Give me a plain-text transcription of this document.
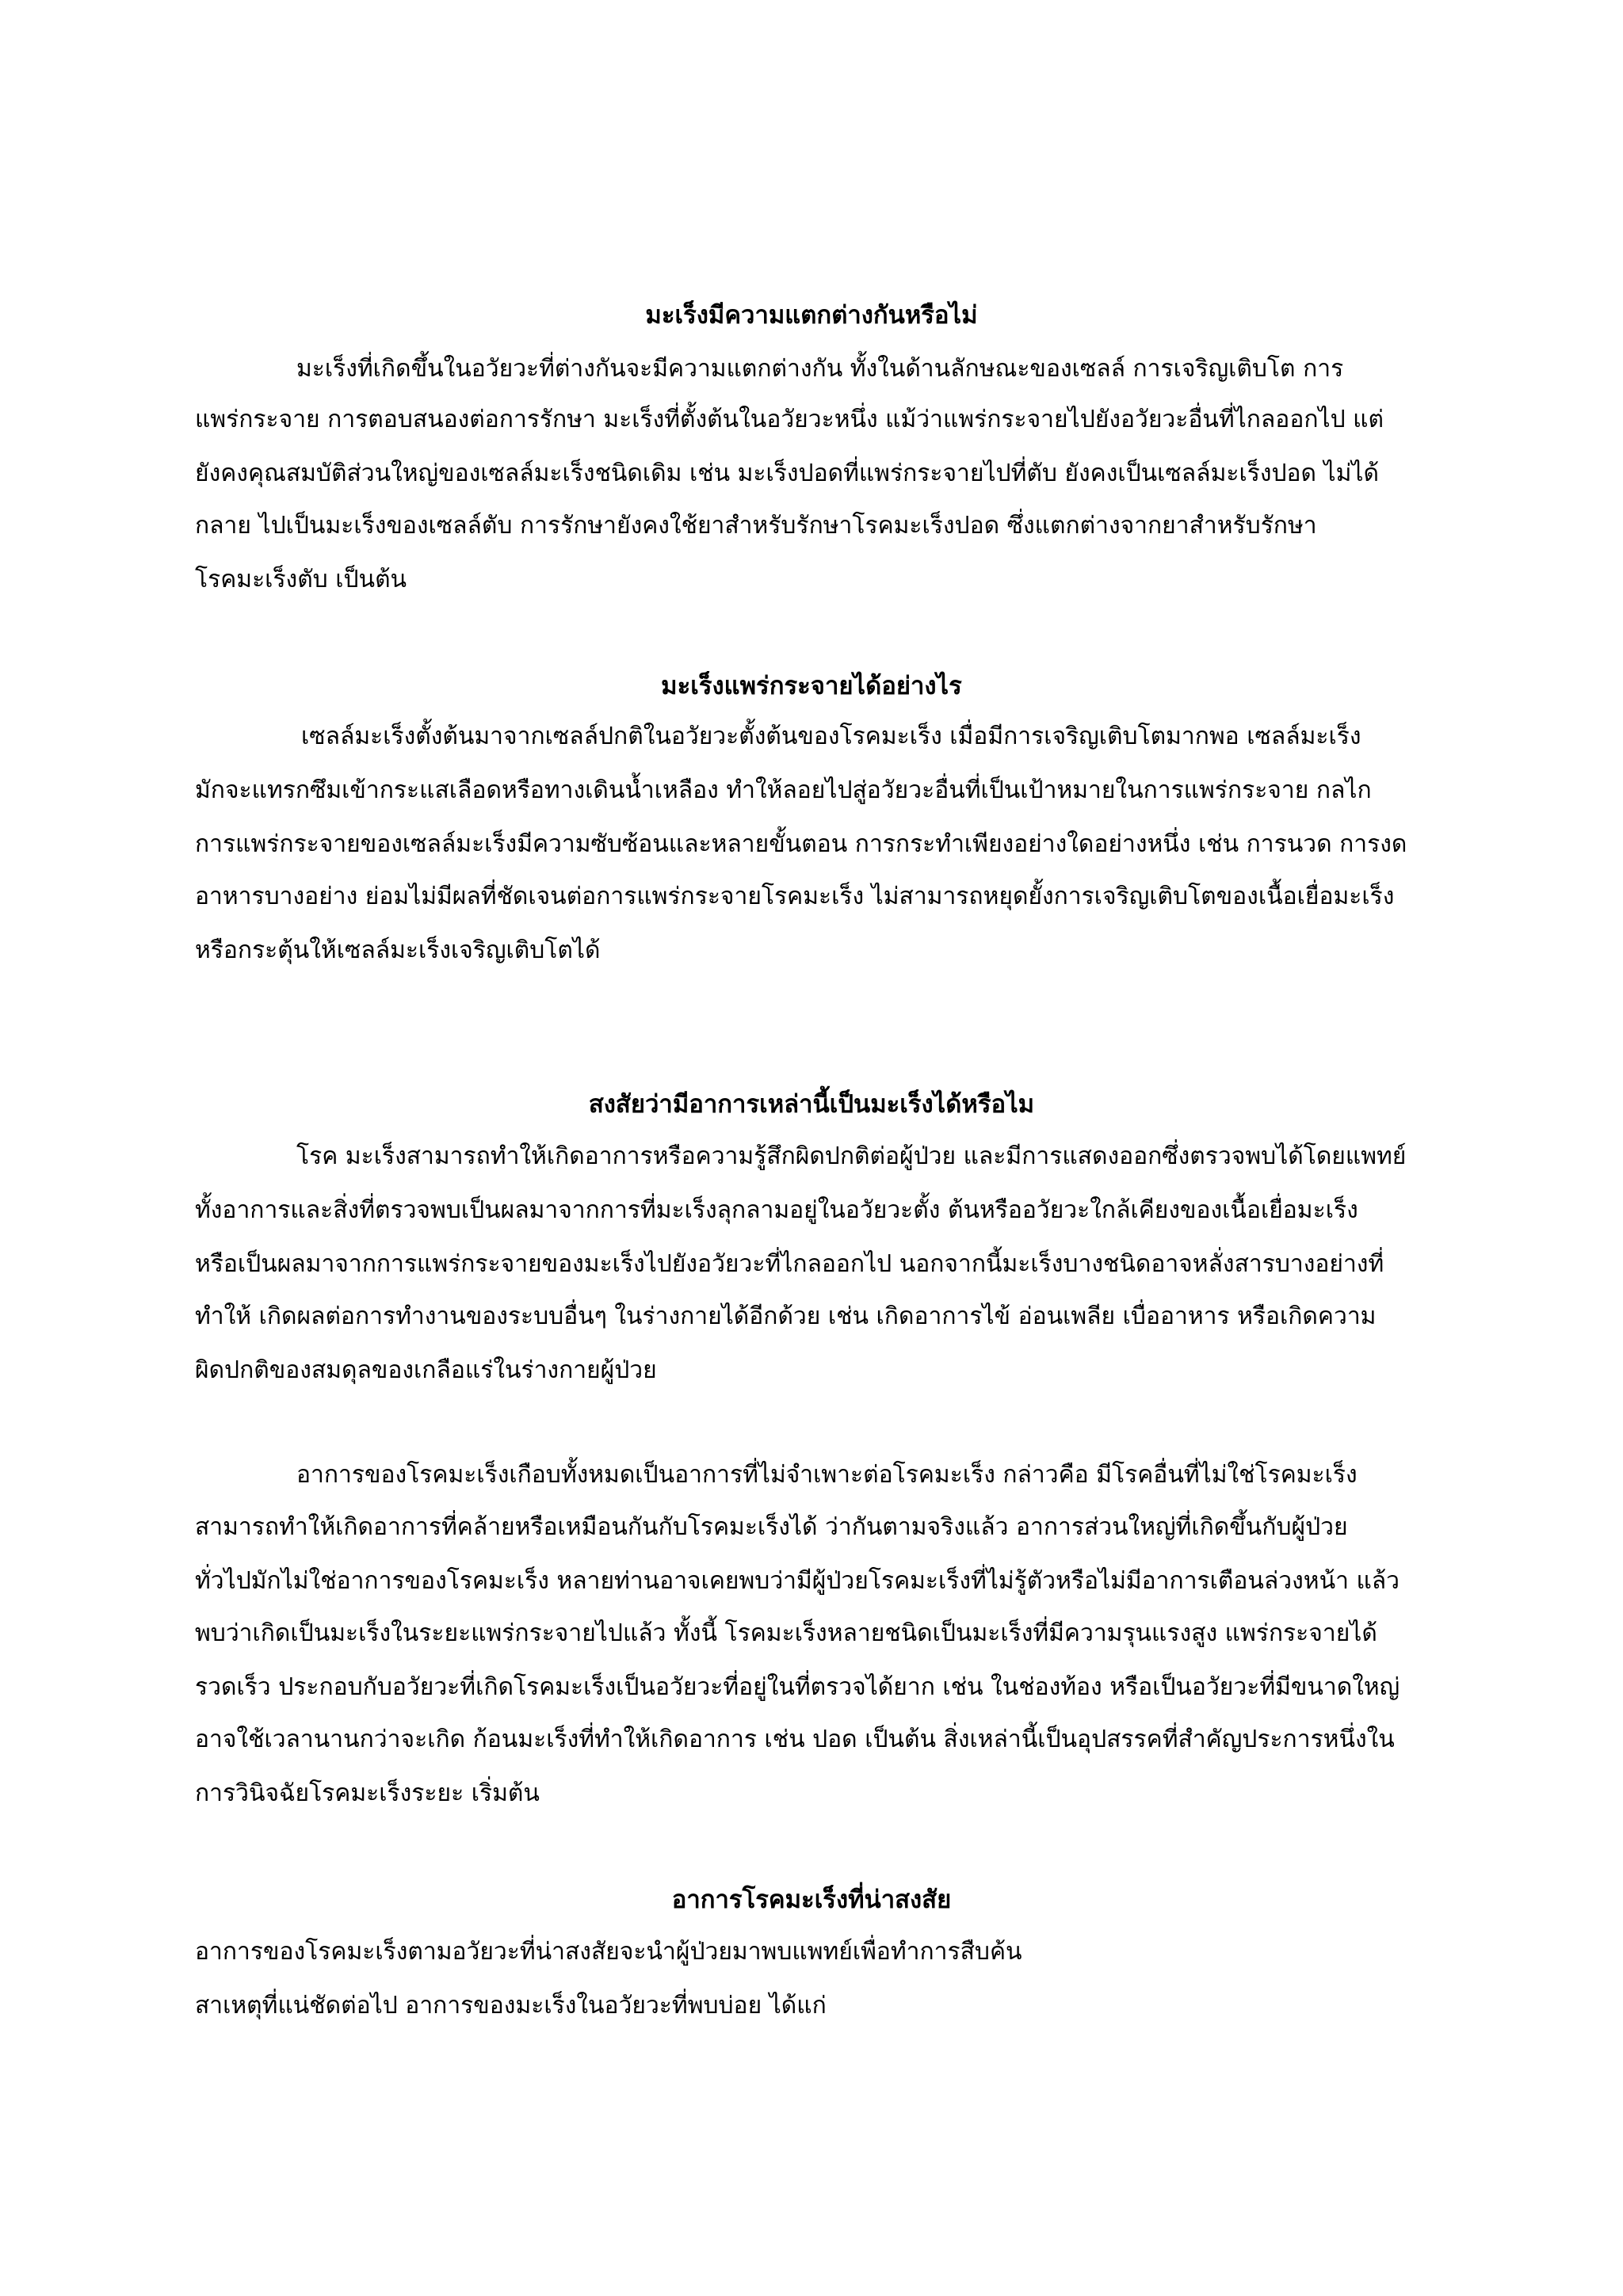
มะเร็งมีความแตกต่างกันหรือไม่
มะเร็งที่เกิดขึ้นในอวัยวะที่ต่างกันจะมีความแตกต่างกัน ทั้งในด้านลักษณะของเซลล์ การเจริญเติบโต การ
แพร่กระจาย การตอบสนองต่อการรักษา มะเร็งที่ตั้งต้นในอวัยวะหนึ่ง แม้ว่าแพร่กระจายไปยังอวัยวะอื่นที่ไกลออกไป แต่
ยังคงคุณสมบัติส่วนใหญ่ของเซลล์มะเร็งชนิดเดิม เช่น มะเร็งปอดที่แพร่กระจายไปที่ตับ ยังคงเป็นเซลล์มะเร็งปอด ไม่ได้
กลาย ไปเป็นมะเร็งของเซลล์ตับ การรักษายังคงใช้ยาสำหรับรักษาโรคมะเร็งปอด ซึ่งแตกต่างจากยาสำหรับรักษา
โรคมะเร็งตับ เป็นต้น
มะเร็งแพร่กระจายได้อย่างไร
เซลล์มะเร็งตั้งต้นมาจากเซลล์ปกติในอวัยวะตั้งต้นของโรคมะเร็ง เมื่อมีการเจริญเติบโตมากพอ เซลล์มะเร็ง
มักจะแทรกซึมเข้ากระแสเลือดหรือทางเดินน้ำเหลือง ทำให้ลอยไปสู่อวัยวะอื่นที่เป็นเป้าหมายในการแพร่กระจาย กลไก
การแพร่กระจายของเซลล์มะเร็งมีความซับซ้อนและหลายขั้นตอน การกระทำเพียงอย่างใดอย่างหนึ่ง เช่น การนวด การงด
อาหารบางอย่าง ย่อมไม่มีผลที่ชัดเจนต่อการแพร่กระจายโรคมะเร็ง ไม่สามารถหยุดยั้งการเจริญเติบโตของเนื้อเยื่อมะเร็ง
หรือกระตุ้นให้เซลล์มะเร็งเจริญเติบโตได้
สงสัยว่ามีอาการเหล่านี้เป็นมะเร็งได้หรือไม
โรค มะเร็งสามารถทำให้เกิดอาการหรือความรู้สึกผิดปกติต่อผู้ป่วย และมีการแสดงออกซึ่งตรวจพบได้โดยแพทย์
ทั้งอาการและสิ่งที่ตรวจพบเป็นผลมาจากการที่มะเร็งลุกลามอยู่ในอวัยวะตั้ง ต้นหรืออวัยวะใกล้เคียงของเนื้อเยื่อมะเร็ง
หรือเป็นผลมาจากการแพร่กระจายของมะเร็งไปยังอวัยวะที่ไกลออกไป นอกจากนี้มะเร็งบางชนิดอาจหลั่งสารบางอย่างที่
ทำให้ เกิดผลต่อการทำงานของระบบอื่นๆ ในร่างกายได้อีกด้วย เช่น เกิดอาการไข้ อ่อนเพลีย เบื่ออาหาร หรือเกิดความ
ผิดปกติของสมดุลของเกลือแร่ในร่างกายผู้ป่วย
อาการของโรคมะเร็งเกือบทั้งหมดเป็นอาการที่ไม่จำเพาะต่อโรคมะเร็ง กล่าวคือ มีโรคอื่นที่ไม่ใช่โรคมะเร็ง
สามารถทำให้เกิดอาการที่คล้ายหรือเหมือนกันกับโรคมะเร็งได้ ว่ากันตามจริงแล้ว อาการส่วนใหญ่ที่เกิดขึ้นกับผู้ป่วย
ทั่วไปมักไม่ใช่อาการของโรคมะเร็ง หลายท่านอาจเคยพบว่ามีผู้ป่วยโรคมะเร็งที่ไม่รู้ตัวหรือไม่มีอาการเตือนล่วงหน้า แล้ว
พบว่าเกิดเป็นมะเร็งในระยะแพร่กระจายไปแล้ว ทั้งนี้ โรคมะเร็งหลายชนิดเป็นมะเร็งที่มีความรุนแรงสูง แพร่กระจายได้
รวดเร็ว ประกอบกับอวัยวะที่เกิดโรคมะเร็งเป็นอวัยวะที่อยู่ในที่ตรวจได้ยาก เช่น ในช่องท้อง หรือเป็นอวัยวะที่มีขนาดใหญ่
อาจใช้เวลานานกว่าจะเกิด ก้อนมะเร็งที่ทำให้เกิดอาการ เช่น ปอด เป็นต้น สิ่งเหล่านี้เป็นอุปสรรคที่สำคัญประการหนึ่งใน
การวินิจฉัยโรคมะเร็งระยะ เริ่มต้น
อาการโรคมะเร็งที่น่าสงสัย
อาการของโรคมะเร็งตามอวัยวะที่น่าสงสัยจะนำผู้ป่วยมาพบแพทย์เพื่อทำการสืบค้น
สาเหตุที่แน่ชัดต่อไป อาการของมะเร็งในอวัยวะที่พบบ่อย ได้แก่
